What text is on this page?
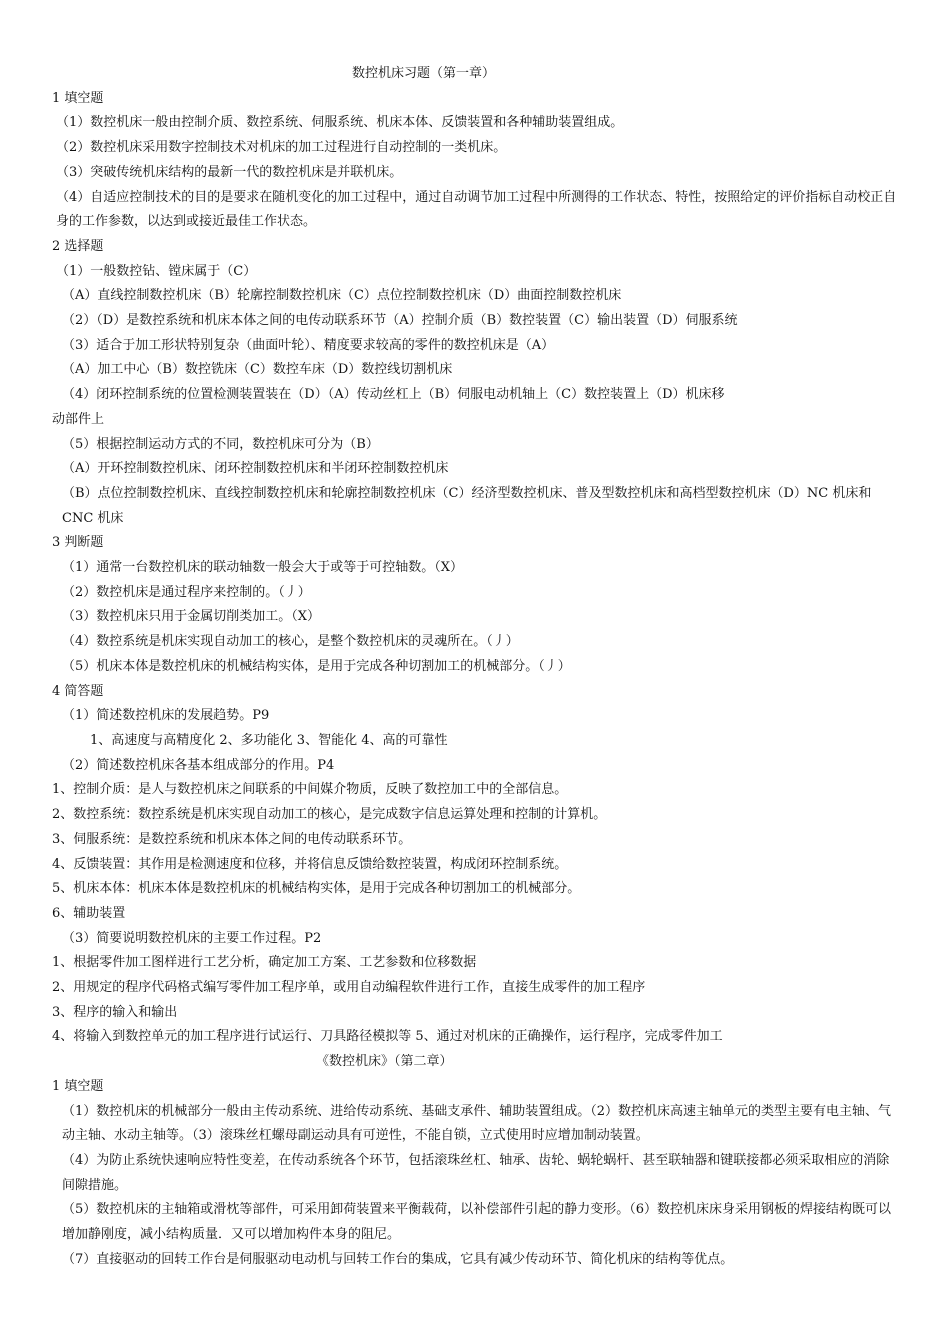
数控机床习题（第一章）
1 填空题
（1）数控机床一般由控制介质、数控系统、伺服系统、机床本体、反馈装置和各种辅助装置组成。
（2）数控机床采用数字控制技术对机床的加工过程进行自动控制的一类机床。
（3）突破传统机床结构的最新一代的数控机床是并联机床。
（4）自适应控制技术的目的是要求在随机变化的加工过程中，通过自动调节加工过程中所测得的工作状态、特性，按照给定的评价指标自动校正自身的工作参数，以达到或接近最佳工作状态。
2 选择题
（1）一般数控钻、镗床属于（C）
（A）直线控制数控机床（B）轮廓控制数控机床（C）点位控制数控机床（D）曲面控制数控机床
（2）（D）是数控系统和机床本体之间的电传动联系环节（A）控制介质（B）数控装置（C）输出装置（D）伺服系统
（3）适合于加工形状特别复杂（曲面叶轮）、精度要求较高的零件的数控机床是（A）
（A）加工中心（B）数控铣床（C）数控车床（D）数控线切割机床
（4）闭环控制系统的位置检测装置装在（D）（A）传动丝杠上（B）伺服电动机轴上（C）数控装置上（D）机床移
动部件上
（5）根据控制运动方式的不同，数控机床可分为（B）
（A）开环控制数控机床、闭环控制数控机床和半闭环控制数控机床
（B）点位控制数控机床、直线控制数控机床和轮廓控制数控机床（C）经济型数控机床、普及型数控机床和高档型数控机床（D）NC 机床和 CNC 机床
3 判断题
（1）通常一台数控机床的联动轴数一般会大于或等于可控轴数。（X）
（2）数控机床是通过程序来控制的。（丿）
（3）数控机床只用于金属切削类加工。（X）
（4）数控系统是机床实现自动加工的核心，是整个数控机床的灵魂所在。（丿）
（5）机床本体是数控机床的机械结构实体，是用于完成各种切割加工的机械部分。（丿）
4 简答题
（1）简述数控机床的发展趋势。P9
1、高速度与高精度化 2、多功能化 3、智能化 4、高的可靠性
（2）简述数控机床各基本组成部分的作用。P4
1、控制介质：是人与数控机床之间联系的中间媒介物质，反映了数控加工中的全部信息。
2、数控系统：数控系统是机床实现自动加工的核心，是完成数字信息运算处理和控制的计算机。
3、伺服系统：是数控系统和机床本体之间的电传动联系环节。
4、反馈装置：其作用是检测速度和位移，并将信息反馈给数控装置，构成闭环控制系统。
5、机床本体：机床本体是数控机床的机械结构实体，是用于完成各种切割加工的机械部分。
6、辅助装置
（3）简要说明数控机床的主要工作过程。P2
1、根据零件加工图样进行工艺分析，确定加工方案、工艺参数和位移数据
2、用规定的程序代码格式编写零件加工程序单，或用自动编程软件进行工作，直接生成零件的加工程序
3、程序的输入和输出
4、将输入到数控单元的加工程序进行试运行、刀具路径模拟等 5、通过对机床的正确操作，运行程序，完成零件加工
《数控机床》（第二章）
1 填空题
（1）数控机床的机械部分一般由主传动系统、进给传动系统、基础支承件、辅助装置组成。（2）数控机床高速主轴单元的类型主要有电主轴、气动主轴、水动主轴等。（3）滚珠丝杠螺母副运动具有可逆性，不能自锁，立式使用时应增加制动装置。
（4）为防止系统快速响应特性变差，在传动系统各个环节，包括滚珠丝杠、轴承、齿轮、蜗轮蜗杆、甚至联轴器和键联接都必须采取相应的消除间隙措施。
（5）数控机床的主轴箱或滑枕等部件，可采用卸荷装置来平衡载荷，以补偿部件引起的静力变形。（6）数控机床床身采用钢板的焊接结构既可以增加静刚度，减小结构质量．又可以增加构件本身的阻尼。
（7）直接驱动的回转工作台是伺服驱动电动机与回转工作台的集成，它具有减少传动环节、简化机床的结构等优点。
